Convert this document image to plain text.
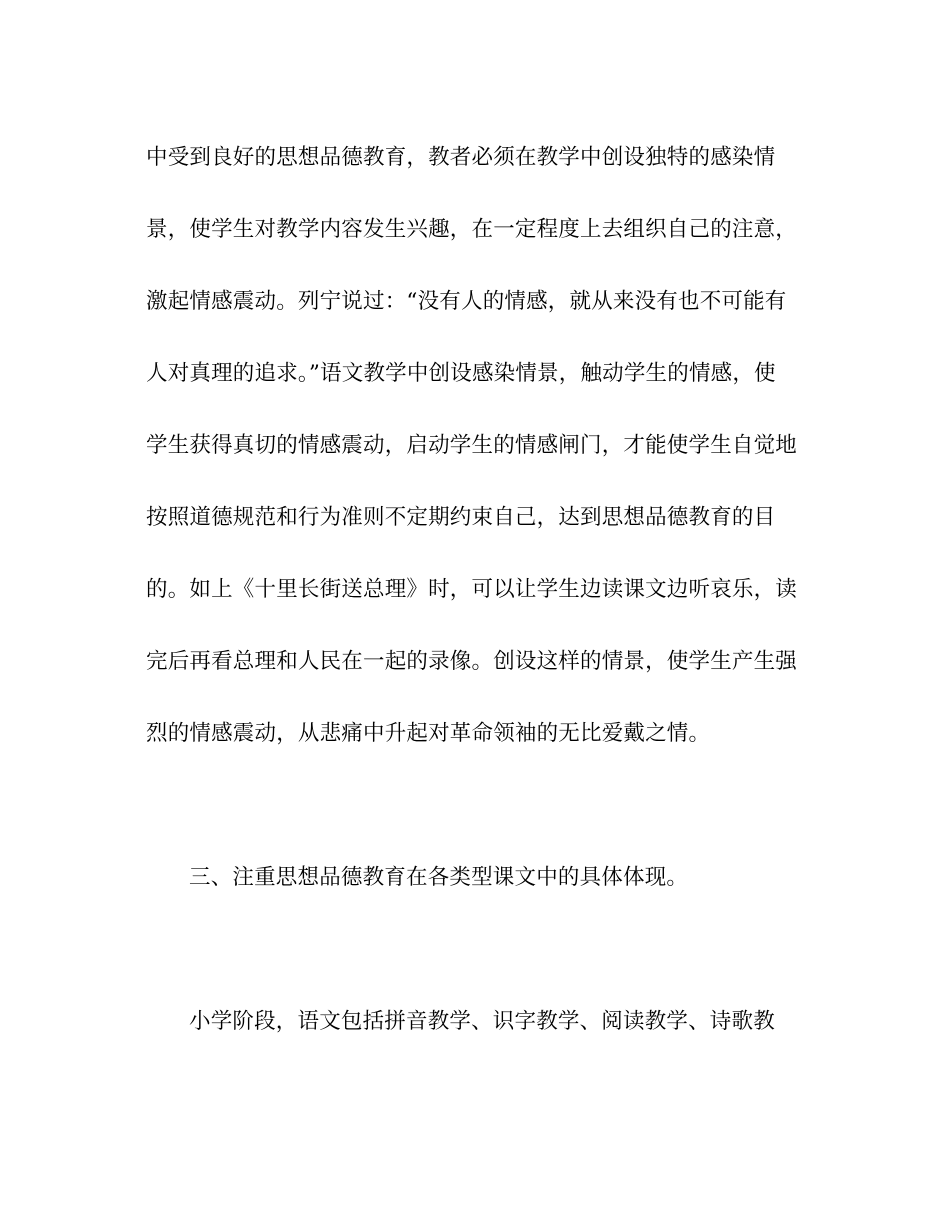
中受到良好的思想品德教育，教者必须在教学中创设独特的感染情
景，使学生对教学内容发生兴趣，在一定程度上去组织自己的注意，
激起情感震动。列宁说过：“没有人的情感，就从来没有也不可能有
人对真理的追求。”语文教学中创设感染情景，触动学生的情感，使
学生获得真切的情感震动，启动学生的情感闸门，才能使学生自觉地
按照道德规范和行为准则不定期约束自己，达到思想品德教育的目
的。如上《十里长街送总理》时，可以让学生边读课文边听哀乐，读
完后再看总理和人民在一起的录像。创设这样的情景，使学生产生强
烈的情感震动，从悲痛中升起对革命领袖的无比爱戴之情。
三、注重思想品德教育在各类型课文中的具体体现。
小学阶段，语文包括拼音教学、识字教学、阅读教学、诗歌教
